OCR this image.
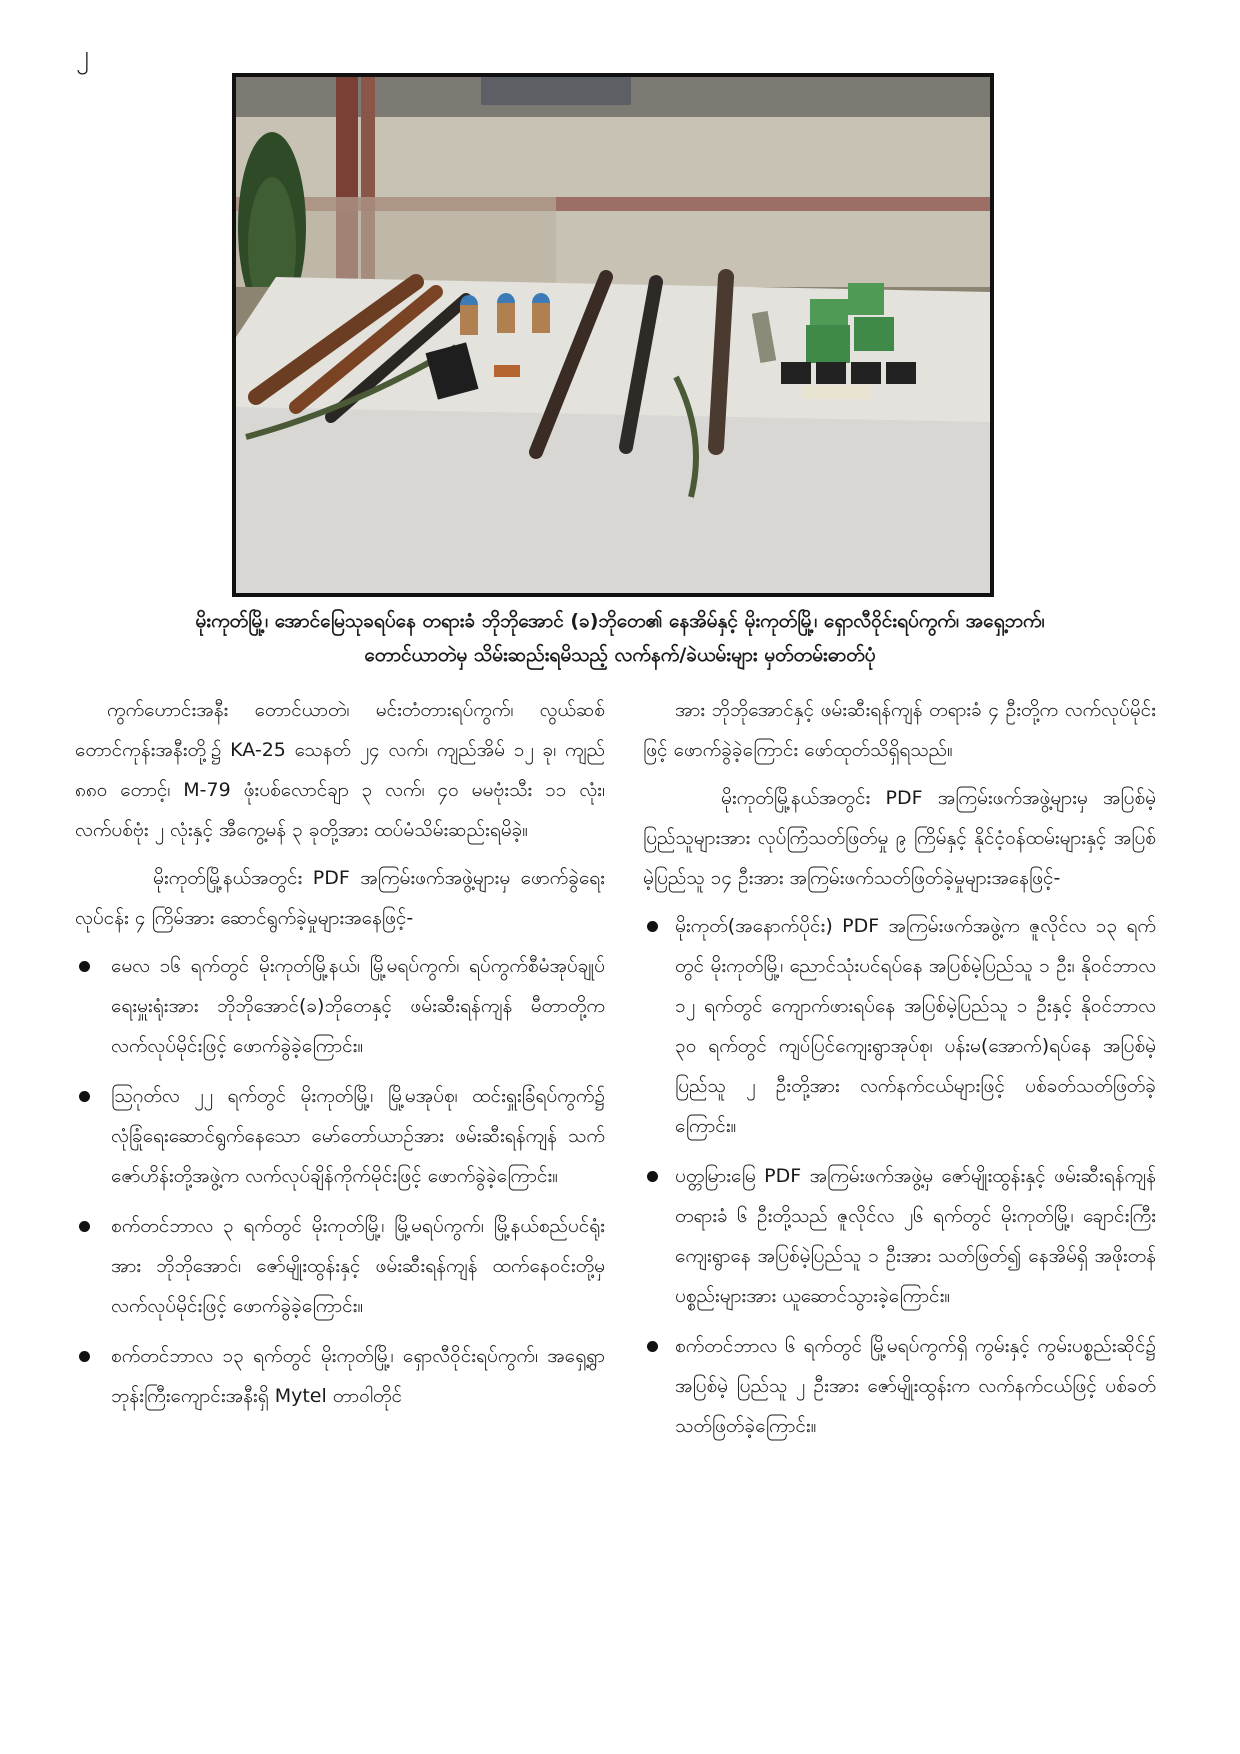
၂
မိုးကုတ်မြို့၊ အောင်မြေသုခရပ်နေ တရားခံ ဘိုဘိုအောင် (ခ)ဘိုတေ၏ နေအိမ်နှင့် မိုးကုတ်မြို့၊ ရှောလီဝိုင်းရပ်ကွက်၊ အရှေ့ဘက်၊
တောင်ယာတဲမှ သိမ်းဆည်းရမိသည့် လက်နက်/ခဲယမ်းများ မှတ်တမ်းဓာတ်ပုံ

ကွက်ဟောင်းအနီး တောင်ယာတဲ၊ မင်းတံတားရပ်ကွက်၊ လွယ်ဆစ်တောင်ကုန်းအနီးတို့၌ KA-25 သေနတ် ၂၄ လက်၊ ကျည်အိမ် ၁၂ ခု၊ ကျည် ၈၈၀ တောင့်၊ M-79 ဖုံးပစ်လောင်ချာ ၃ လက်၊ ၄၀ မမဗုံးသီး ၁၁ လုံး၊ လက်ပစ်ဗုံး ၂ လုံးနှင့် အီကွေ့မန် ၃ ခုတို့အား ထပ်မံသိမ်းဆည်းရမိခဲ့။

မိုးကုတ်မြို့နယ်အတွင်း PDF အကြမ်းဖက်အဖွဲ့များမှ ဖောက်ခွဲရေးလုပ်ငန်း ၄ ကြိမ်အား ဆောင်ရွက်ခဲ့မှုများအနေဖြင့်-

မေလ ၁၆ ရက်တွင် မိုးကုတ်မြို့နယ်၊ မြို့မရပ်ကွက်၊ ရပ်ကွက်စီမံအုပ်ချုပ်ရေးမှူးရုံးအား ဘိုဘိုအောင်(ခ)ဘိုတေနှင့် ဖမ်းဆီးရန်ကျန် မီတာတို့က လက်လုပ်မိုင်းဖြင့် ဖောက်ခွဲခဲ့ကြောင်း။
ဩဂုတ်လ ၂၂ ရက်တွင် မိုးကုတ်မြို့၊ မြို့မအုပ်စု၊ ထင်းရှူးခြံရပ်ကွက်၌ လုံခြုံရေးဆောင်ရွက်နေသော မော်တော်ယာဉ်အား ဖမ်းဆီးရန်ကျန် သက်ဇော်ဟိန်းတို့အဖွဲ့က လက်လုပ်ချိန်ကိုက်မိုင်းဖြင့် ဖောက်ခွဲခဲ့ကြောင်း။
စက်တင်ဘာလ ၃ ရက်တွင် မိုးကုတ်မြို့၊ မြို့မရပ်ကွက်၊ မြို့နယ်စည်ပင်ရုံးအား ဘိုဘိုအောင်၊ ဇော်မျိုးထွန်းနှင့် ဖမ်းဆီးရန်ကျန် ထက်နေဝင်းတို့မှ လက်လုပ်မိုင်းဖြင့် ဖောက်ခွဲခဲ့ကြောင်း။
စက်တင်ဘာလ ၁၃ ရက်တွင် မိုးကုတ်မြို့၊ ရှောလီဝိုင်းရပ်ကွက်၊ အရှေ့ရွာဘုန်းကြီးကျောင်းအနီးရှိ Mytel တာဝါတိုင်

အား ဘိုဘိုအောင်နှင့် ဖမ်းဆီးရန်ကျန် တရားခံ ၄ ဦးတို့က လက်လုပ်မိုင်းဖြင့် ဖောက်ခွဲခဲ့ကြောင်း ဖော်ထုတ်သိရှိရသည်။

မိုးကုတ်မြို့နယ်အတွင်း PDF အကြမ်းဖက်အဖွဲ့များမှ အပြစ်မဲ့ပြည်သူများအား လုပ်ကြံသတ်ဖြတ်မှု ၉ ကြိမ်နှင့် နိုင်ငံ့ဝန်ထမ်းများနှင့် အပြစ်မဲ့ပြည်သူ ၁၄ ဦးအား အကြမ်းဖက်သတ်ဖြတ်ခဲ့မှုများအနေဖြင့်-

မိုးကုတ်(အနောက်ပိုင်း) PDF အကြမ်းဖက်အဖွဲ့က ဇူလိုင်လ ၁၃ ရက်တွင် မိုးကုတ်မြို့၊ ညောင်သုံးပင်ရပ်နေ အပြစ်မဲ့ပြည်သူ ၁ ဦး၊ နိုဝင်ဘာလ ၁၂ ရက်တွင် ကျောက်ဖားရပ်နေ အပြစ်မဲ့ပြည်သူ ၁ ဦးနှင့် နိုဝင်ဘာလ ၃၀ ရက်တွင် ကျပ်ပြင်ကျေးရွာအုပ်စု၊ ပန်းမ(အောက်)ရပ်နေ အပြစ်မဲ့ပြည်သူ ၂ ဦးတို့အား လက်နက်ငယ်များဖြင့် ပစ်ခတ်သတ်ဖြတ်ခဲ့ကြောင်း။
ပတ္တမြားမြေ PDF အကြမ်းဖက်အဖွဲ့မှ ဇော်မျိုးထွန်းနှင့် ဖမ်းဆီးရန်ကျန် တရားခံ ၆ ဦးတို့သည် ဇူလိုင်လ ၂၆ ရက်တွင် မိုးကုတ်မြို့၊ ချောင်းကြီးကျေးရွာနေ အပြစ်မဲ့ပြည်သူ ၁ ဦးအား သတ်ဖြတ်၍ နေအိမ်ရှိ အဖိုးတန်ပစ္စည်းများအား ယူဆောင်သွားခဲ့ကြောင်း။
စက်တင်ဘာလ ၆ ရက်တွင် မြို့မရပ်ကွက်ရှိ ကွမ်းနှင့် ကွမ်းပစ္စည်းဆိုင်၌ အပြစ်မဲ့ ပြည်သူ ၂ ဦးအား ဇော်မျိုးထွန်းက လက်နက်ငယ်ဖြင့် ပစ်ခတ်သတ်ဖြတ်ခဲ့ကြောင်း။
